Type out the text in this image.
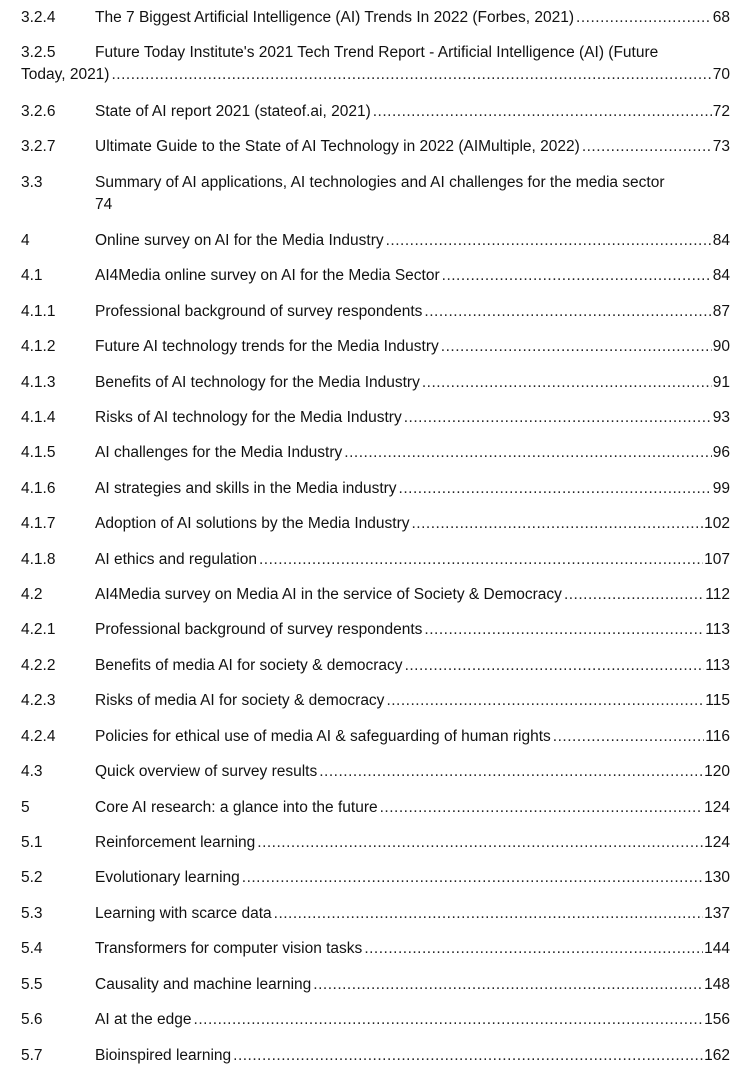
3.2.4	The 7 Biggest Artificial Intelligence (AI) Trends In 2022 (Forbes, 2021) .....	68
3.2.5	Future Today Institute's 2021 Tech Trend Report - Artificial Intelligence (AI) (Future
Today, 2021) .....	70
3.2.6	State of AI report 2021 (stateof.ai, 2021) .....	72
3.2.7	Ultimate Guide to the State of AI Technology in 2022 (AIMultiple, 2022) .....	73
3.3	Summary of AI applications, AI technologies and AI challenges for the media sector
74
4	Online survey on AI for the Media Industry .....	84
4.1	AI4Media online survey on AI for the Media Sector .....	84
4.1.1	Professional background of survey respondents .....	87
4.1.2	Future AI technology trends for the Media Industry .....	90
4.1.3	Benefits of AI technology for the Media Industry .....	91
4.1.4	Risks of AI technology for the Media Industry .....	93
4.1.5	AI challenges for the Media Industry .....	96
4.1.6	AI strategies and skills in the Media industry .....	99
4.1.7	Adoption of AI solutions by the Media Industry .....	102
4.1.8	AI ethics and regulation .....	107
4.2	AI4Media survey on Media AI in the service of Society & Democracy .....	112
4.2.1	Professional background of survey respondents .....	113
4.2.2	Benefits of media AI for society & democracy .....	113
4.2.3	Risks of media AI for society & democracy .....	115
4.2.4	Policies for ethical use of media AI & safeguarding of human rights .....	116
4.3	Quick overview of survey results .....	120
5	Core AI research: a glance into the future .....	124
5.1	Reinforcement learning .....	124
5.2	Evolutionary learning .....	130
5.3	Learning with scarce data .....	137
5.4	Transformers for computer vision tasks .....	144
5.5	Causality and machine learning .....	148
5.6	AI at the edge .....	156
5.7	Bioinspired learning .....	162
